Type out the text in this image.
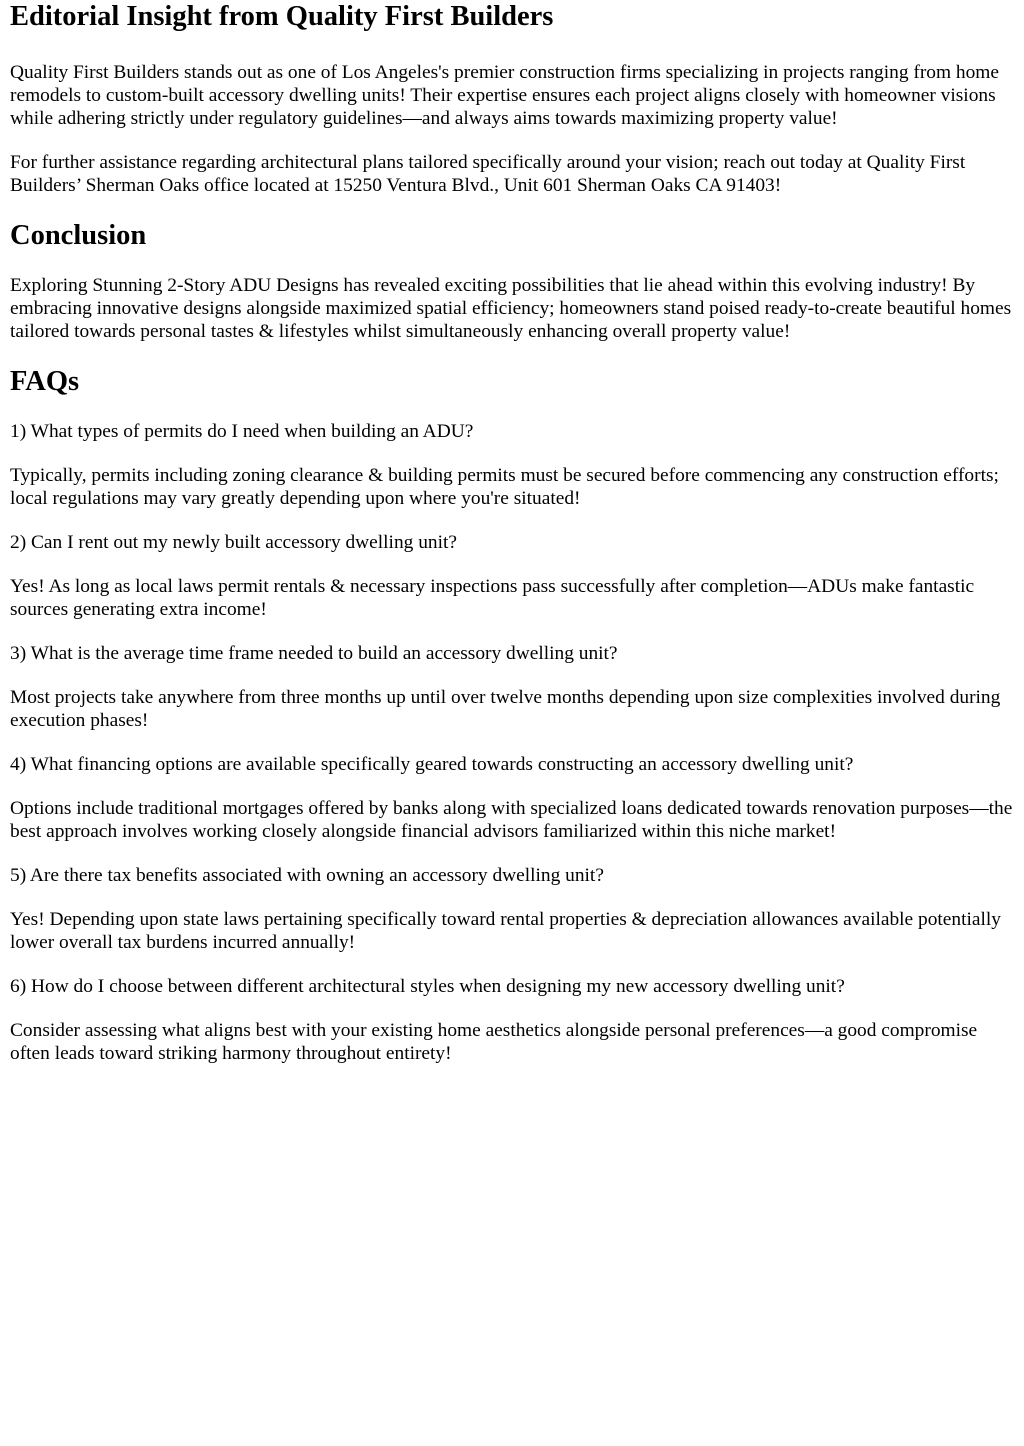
Editorial Insight from Quality First Builders

Quality First Builders stands out as one of Los Angeles's premier construction firms specializing in projects ranging from home remodels to custom-built accessory dwelling units! Their expertise ensures each project aligns closely with homeowner visions while adhering strictly under regulatory guidelines—and always aims towards maximizing property value!

For further assistance regarding architectural plans tailored specifically around your vision; reach out today at Quality First Builders’ Sherman Oaks office located at 15250 Ventura Blvd., Unit 601 Sherman Oaks CA 91403!

Conclusion

Exploring Stunning 2-Story ADU Designs has revealed exciting possibilities that lie ahead within this evolving industry! By embracing innovative designs alongside maximized spatial efficiency; homeowners stand poised ready-to-create beautiful homes tailored towards personal tastes & lifestyles whilst simultaneously enhancing overall property value!

FAQs

1) What types of permits do I need when building an ADU?

Typically, permits including zoning clearance & building permits must be secured before commencing any construction efforts; local regulations may vary greatly depending upon where you're situated!

2) Can I rent out my newly built accessory dwelling unit?

Yes! As long as local laws permit rentals & necessary inspections pass successfully after completion—ADUs make fantastic sources generating extra income!

3) What is the average time frame needed to build an accessory dwelling unit?

Most projects take anywhere from three months up until over twelve months depending upon size complexities involved during execution phases!

4) What financing options are available specifically geared towards constructing an accessory dwelling unit?

Options include traditional mortgages offered by banks along with specialized loans dedicated towards renovation purposes—the best approach involves working closely alongside financial advisors familiarized within this niche market!

5) Are there tax benefits associated with owning an accessory dwelling unit?

Yes! Depending upon state laws pertaining specifically toward rental properties & depreciation allowances available potentially lower overall tax burdens incurred annually!

6) How do I choose between different architectural styles when designing my new accessory dwelling unit?

Consider assessing what aligns best with your existing home aesthetics alongside personal preferences—a good compromise often leads toward striking harmony throughout entirety!
